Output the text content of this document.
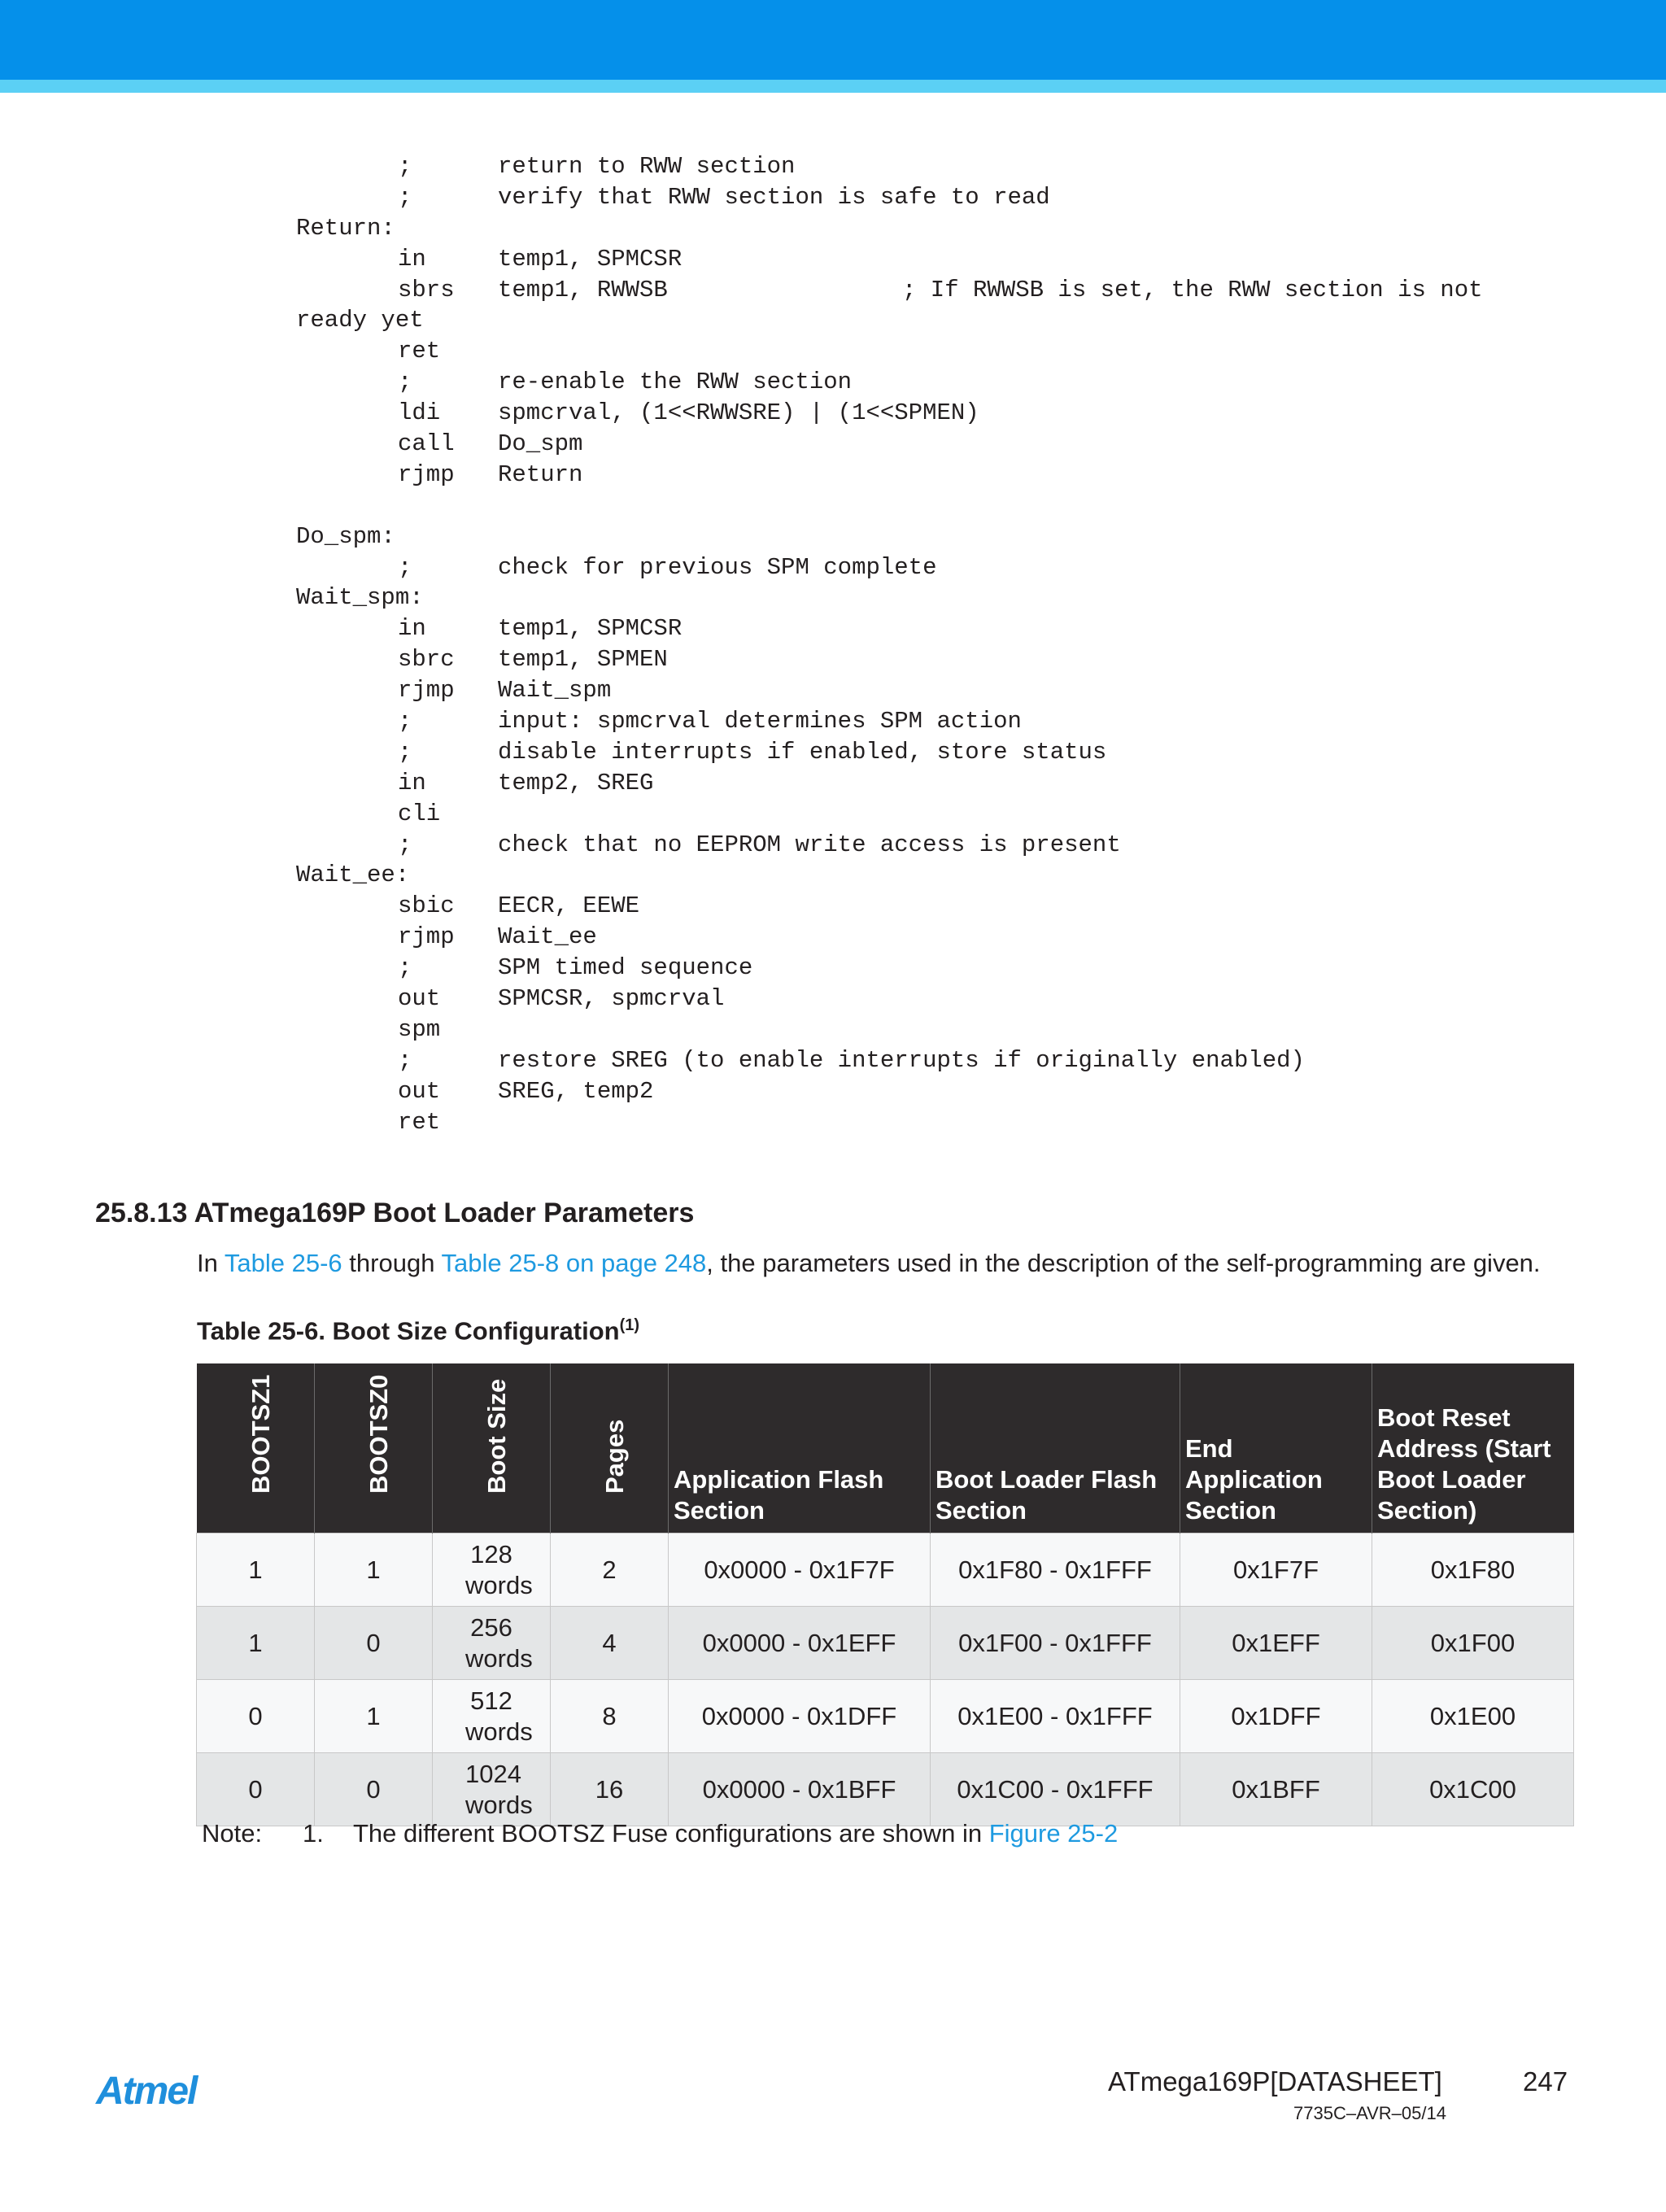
;	return to RWW section
;	verify that RWW section is safe to read
Return:
in	temp1, SPMCSR
sbrs temp1, RWWSB	; If RWWSB is set, the RWW section is not
ready yet
ret
;	re-enable the RWW section
ldi spmcrval, (1<<RWWSRE) | (1<<SPMEN)
call Do_spm
rjmp Return
Do_spm:
;	check for previous SPM complete
Wait_spm:
in	temp1, SPMCSR
sbrc temp1, SPMEN
rjmp Wait_spm
;	input: spmcrval determines SPM action
;	disable interrupts if enabled, store status
in	temp2, SREG
cli
;	check that no EEPROM write access is present
Wait_ee:
sbic EECR, EEWE
rjmp Wait_ee
;	SPM timed sequence
out SPMCSR, spmcrval
spm
;	restore SREG (to enable interrupts if originally enabled)
out SREG, temp2
ret
25.8.13 ATmega169P Boot Loader Parameters

In Table 25-6 through Table 25-8 on page 248, the parameters used in the description of the self-programming are given.

Table 25-6. Boot Size Configuration$^{(1)}$

BOOTSZ1	BOOTSZ0	Boot Size	Pages	Application Flash Section	Boot Loader Flash Section	End Application Section	Boot Reset Address (Start Boot Loader Section)
1	1	128 words	2	0x0000 - 0x1F7F	0x1F80 - 0x1FFF	0x1F7F	0x1F80
1	0	256 words	4	0x0000 - 0x1EFF	0x1F00 - 0x1FFF	0x1EFF	0x1F00
0	1	512 words	8	0x0000 - 0x1DFF	0x1E00 - 0x1FFF	0x1DFF	0x1E00
0	0	1024 words	16	0x0000 - 0x1BFF	0x1C00 - 0x1FFF	0x1BFF	0x1C00
Note: 1. The different BOOTSZ Fuse configurations are shown in Figure 25-2
Atmel	ATmega169P[DATASHEET]	247
7735C–AVR–05/14
